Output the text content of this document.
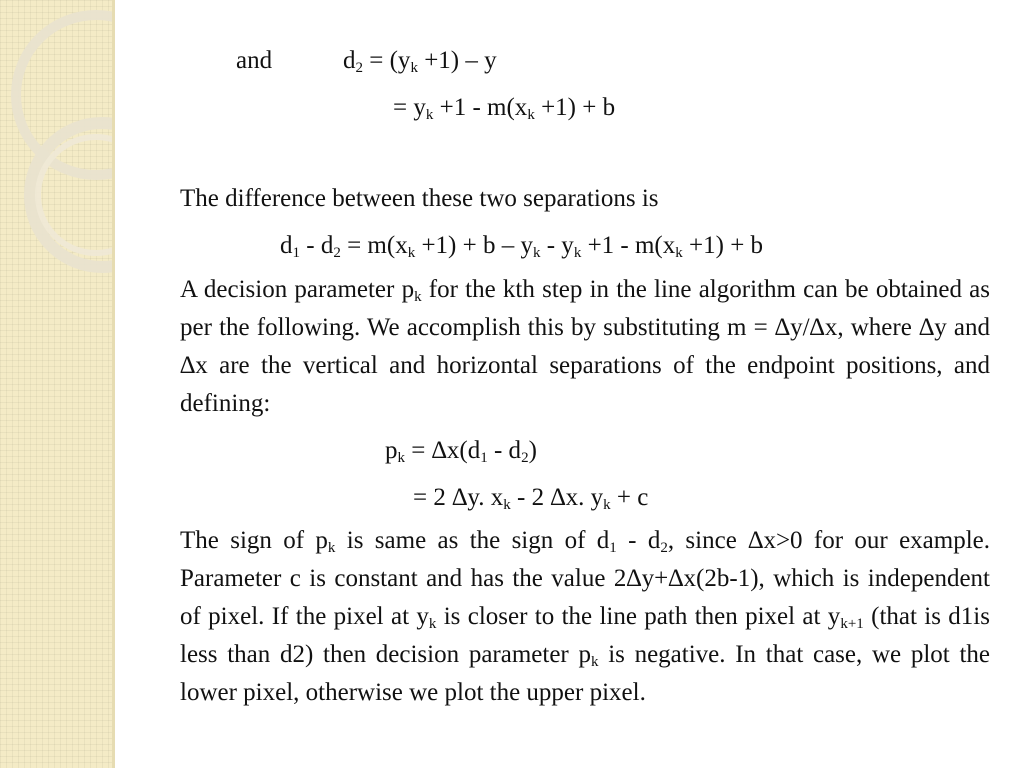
and	$d_2 = (y_k +1) - y$
= $y_k +1 - m(x_k +1) + b$
The difference between these two separations is
$d_1 - d_2 = m(x_k +1) + b - y_k - y_k +1 - m(x_k +1) + b$
A decision parameter $p_k$ for the kth step in the line algorithm can be obtained as per the following. We accomplish this by substituting m = ∆y/∆x, where ∆y and ∆x are the vertical and horizontal separations of the endpoint positions, and defining:
$p_k = \Delta x(d_1 - d_2)$
= 2 ∆y. $x_k - 2$ ∆x. $y_k + c$
The sign of $p_k$ is same as the sign of $d_1 - d_2$, since ∆x>0 for our example. Parameter c is constant and has the value 2∆y+∆x(2b-1), which is independent of pixel. If the pixel at $y_k$ is closer to the line path then pixel at $y_{k+1}$ (that is d1is less than d2) then decision parameter $p_k$ is negative. In that case, we plot the lower pixel, otherwise we plot the upper pixel.
